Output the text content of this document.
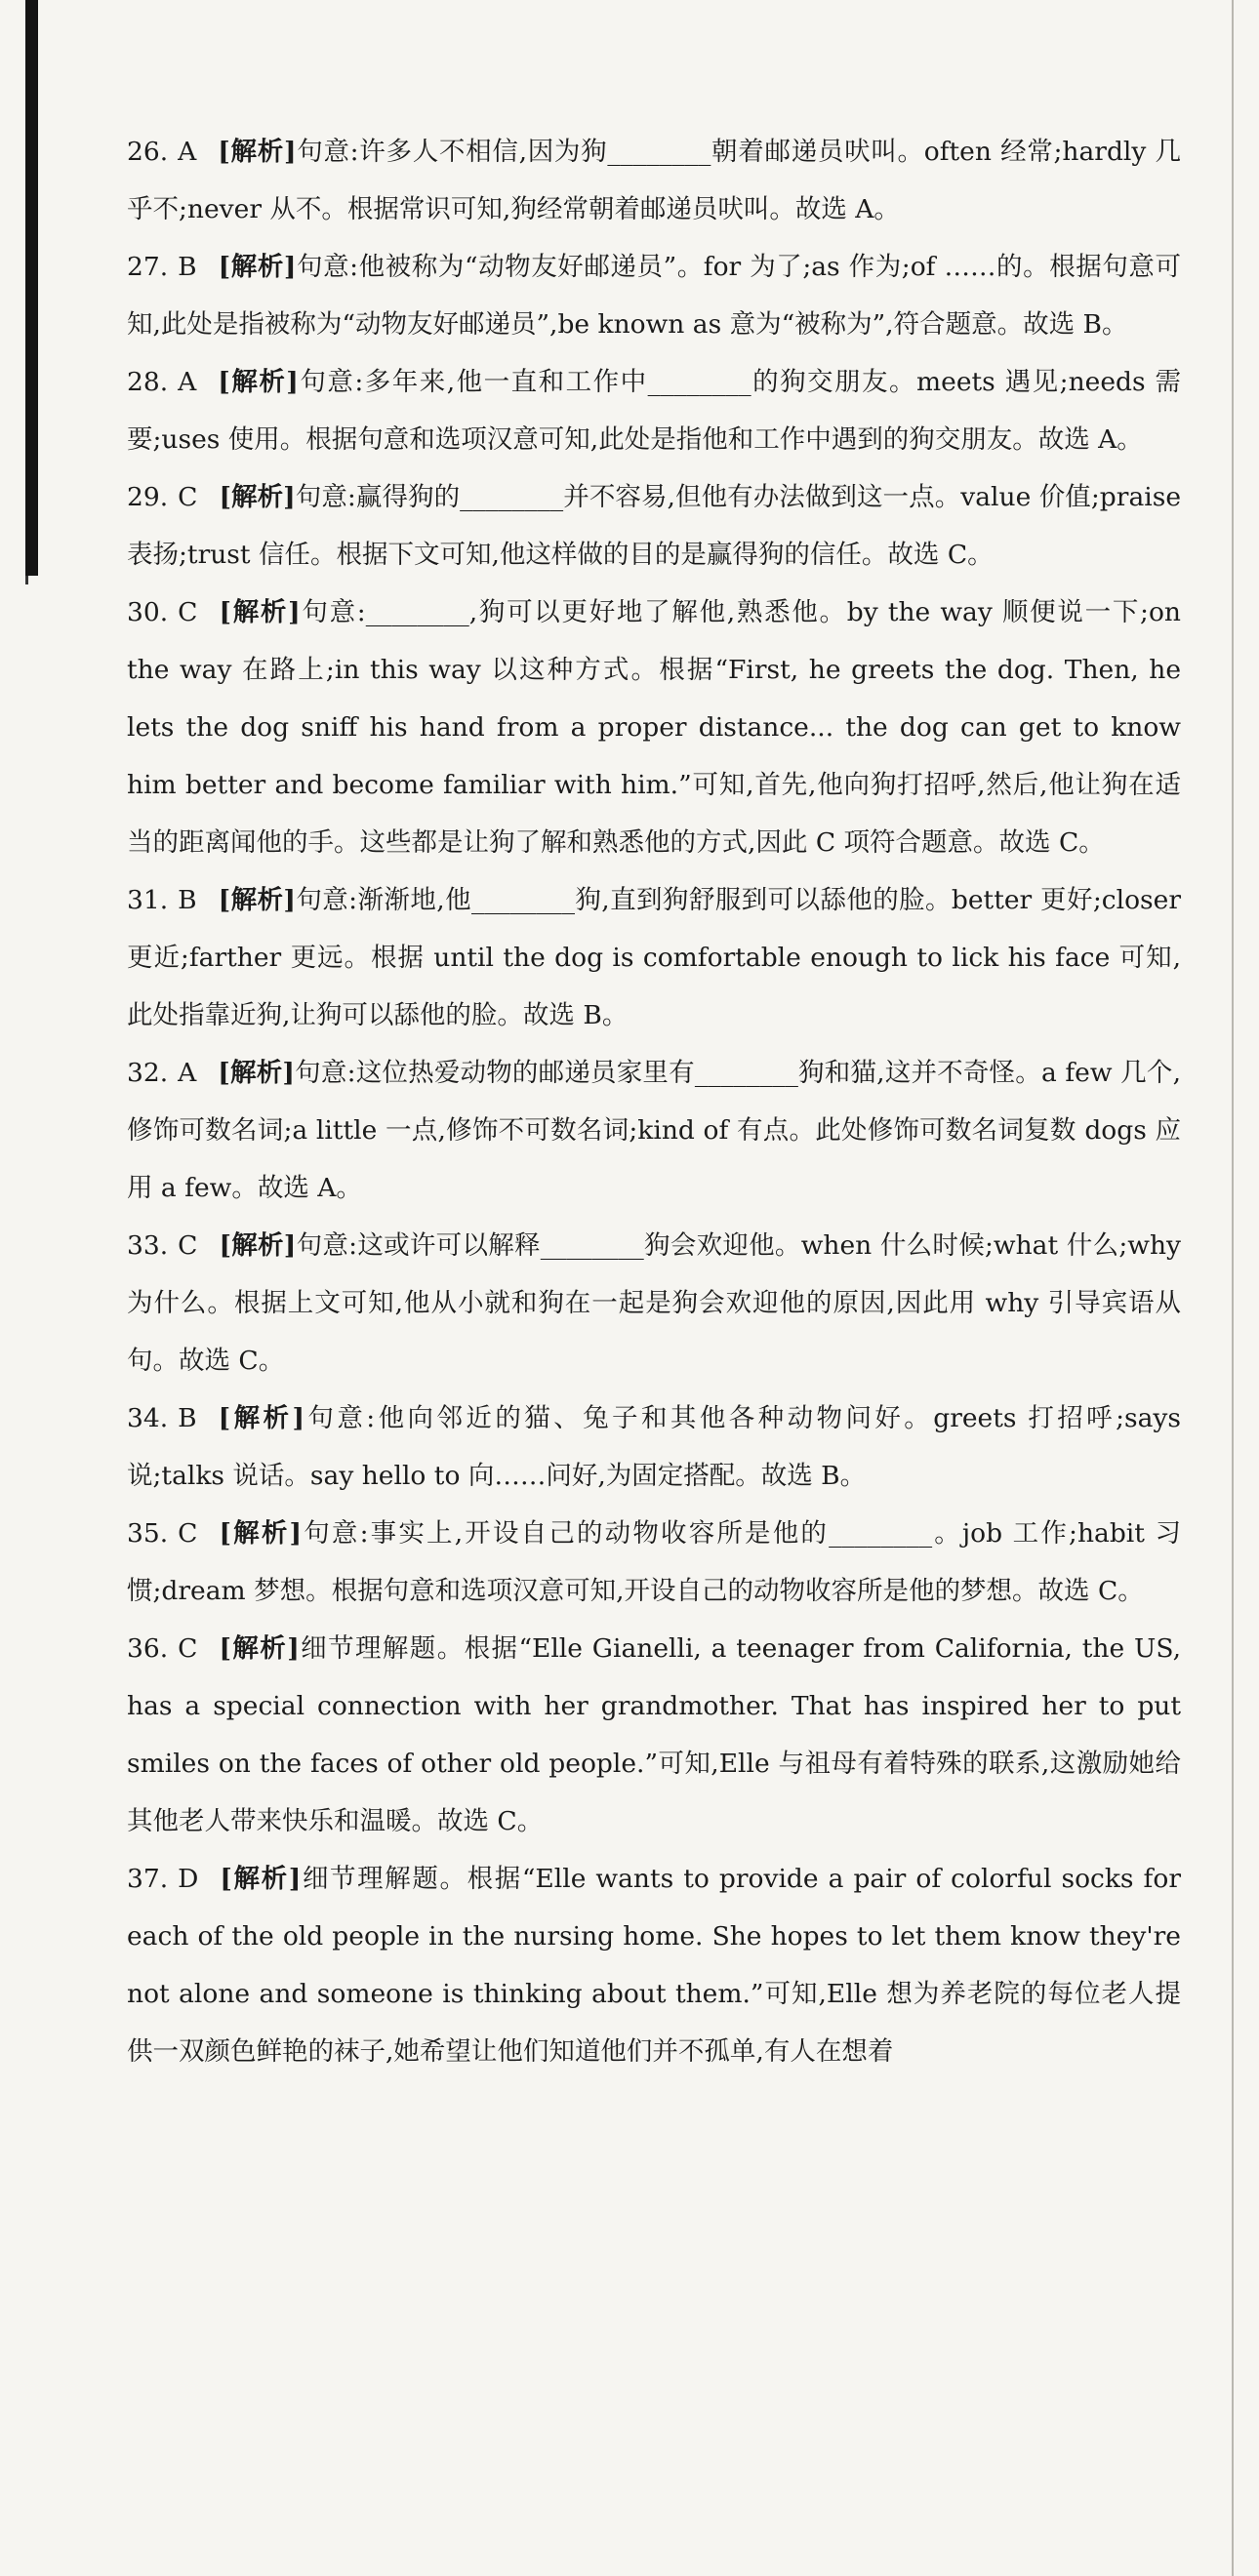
26. A [解析]句意:许多人不相信,因为狗________朝着邮递员吠叫。often 经常;hardly 几乎不;never 从不。根据常识可知,狗经常朝着邮递员吠叫。故选 A。
27. B [解析]句意:他被称为“动物友好邮递员”。for 为了;as 作为;of ……的。根据句意可知,此处是指被称为“动物友好邮递员”,be known as 意为“被称为”,符合题意。故选 B。
28. A [解析]句意:多年来,他一直和工作中________的狗交朋友。meets 遇见;needs 需要;uses 使用。根据句意和选项汉意可知,此处是指他和工作中遇到的狗交朋友。故选 A。
29. C [解析]句意:赢得狗的________并不容易,但他有办法做到这一点。value 价值;praise 表扬;trust 信任。根据下文可知,他这样做的目的是赢得狗的信任。故选 C。
30. C [解析]句意:________,狗可以更好地了解他,熟悉他。by the way 顺便说一下;on the way 在路上;in this way 以这种方式。根据“First, he greets the dog. Then, he lets the dog sniff his hand from a proper distance... the dog can get to know him better and become familiar with him.”可知,首先,他向狗打招呼,然后,他让狗在适当的距离闻他的手。这些都是让狗了解和熟悉他的方式,因此 C 项符合题意。故选 C。
31. B [解析]句意:渐渐地,他________狗,直到狗舒服到可以舔他的脸。better 更好;closer 更近;farther 更远。根据 until the dog is comfortable enough to lick his face 可知,此处指靠近狗,让狗可以舔他的脸。故选 B。
32. A [解析]句意:这位热爱动物的邮递员家里有________狗和猫,这并不奇怪。a few 几个,修饰可数名词;a little 一点,修饰不可数名词;kind of 有点。此处修饰可数名词复数 dogs 应用 a few。故选 A。
33. C [解析]句意:这或许可以解释________狗会欢迎他。when 什么时候;what 什么;why 为什么。根据上文可知,他从小就和狗在一起是狗会欢迎他的原因,因此用 why 引导宾语从句。故选 C。
34. B [解析]句意:他向邻近的猫、兔子和其他各种动物问好。greets 打招呼;says 说;talks 说话。say hello to 向……问好,为固定搭配。故选 B。
35. C [解析]句意:事实上,开设自己的动物收容所是他的________。job 工作;habit 习惯;dream 梦想。根据句意和选项汉意可知,开设自己的动物收容所是他的梦想。故选 C。
36. C [解析]细节理解题。根据“Elle Gianelli, a teenager from California, the US, has a special connection with her grandmother. That has inspired her to put smiles on the faces of other old people.”可知,Elle 与祖母有着特殊的联系,这激励她给其他老人带来快乐和温暖。故选 C。
37. D [解析]细节理解题。根据“Elle wants to provide a pair of colorful socks for each of the old people in the nursing home. She hopes to let them know they're not alone and someone is thinking about them.”可知,Elle 想为养老院的每位老人提供一双颜色鲜艳的袜子,她希望让他们知道他们并不孤单,有人在想着
